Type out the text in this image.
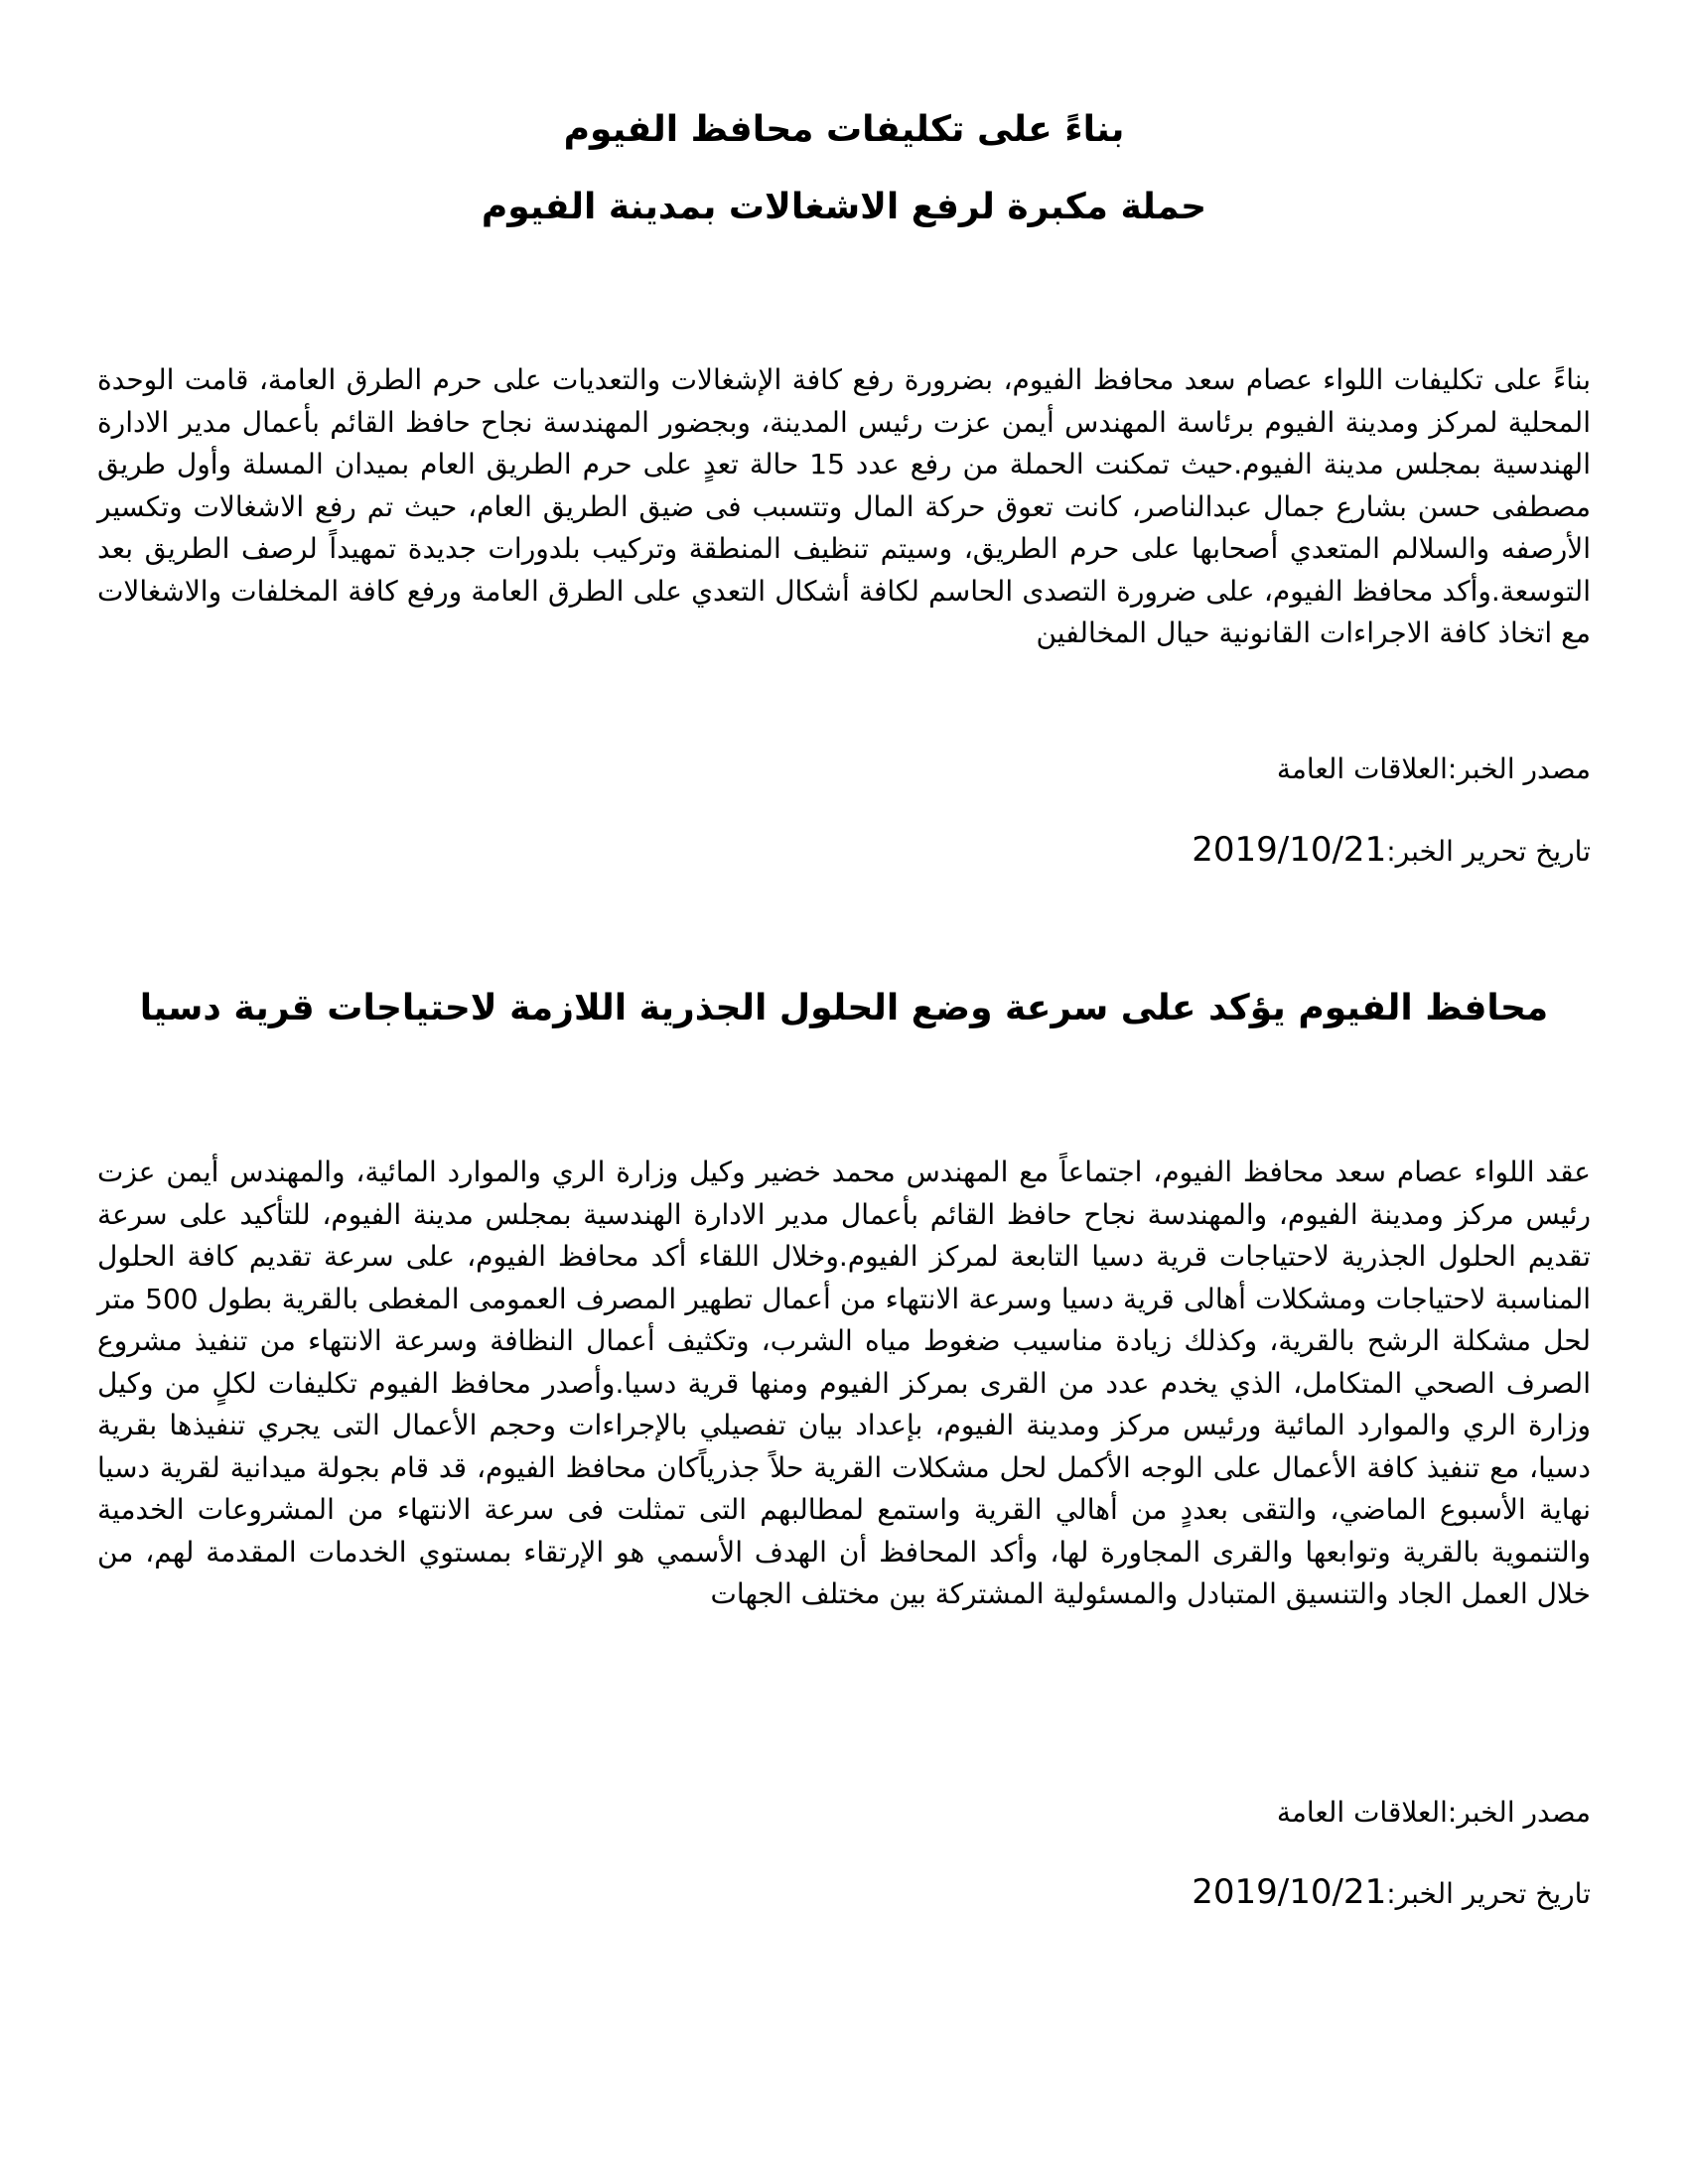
بناءً على تكليفات محافظ الفيوم
حملة مكبرة لرفع الاشغالات بمدينة الفيوم

بناءً على تكليفات اللواء عصام سعد محافظ الفيوم، بضرورة رفع كافة الإشغالات والتعديات على حرم الطرق العامة، قامت الوحدة المحلية لمركز ومدينة الفيوم برئاسة المهندس أيمن عزت رئيس المدينة، وبجضور المهندسة نجاح حافظ القائم بأعمال مدير الادارة الهندسية بمجلس مدينة الفيوم.حيث تمكنت الحملة من رفع عدد 15 حالة تعدٍ على حرم الطريق العام بميدان المسلة وأول طريق مصطفى حسن بشارع جمال عبدالناصر، كانت تعوق حركة المال وتتسبب فى ضيق الطريق العام، حيث تم رفع الاشغالات وتكسير الأرصفه والسلالم المتعدي أصحابها على حرم الطريق، وسيتم تنظيف المنطقة وتركيب بلدورات جديدة تمهيداً لرصف الطريق بعد التوسعة.وأكد محافظ الفيوم، على ضرورة التصدى الحاسم لكافة أشكال التعدي على الطرق العامة ورفع كافة المخلفات والاشغالات مع اتخاذ كافة الاجراءات القانونية حيال المخالفين

مصدر الخبر:العلاقات العامة

تاريخ تحرير الخبر:2019/10/21

محافظ الفيوم يؤكد على سرعة وضع الحلول الجذرية اللازمة لاحتياجات قرية دسيا

عقد اللواء عصام سعد محافظ الفيوم، اجتماعاً مع المهندس محمد خضير وكيل وزارة الري والموارد المائية، والمهندس أيمن عزت رئيس مركز ومدينة الفيوم، والمهندسة نجاح حافظ القائم بأعمال مدير الادارة الهندسية بمجلس مدينة الفيوم، للتأكيد على سرعة تقديم الحلول الجذرية لاحتياجات قرية دسيا التابعة لمركز الفيوم.وخلال اللقاء أكد محافظ الفيوم، على سرعة تقديم كافة الحلول المناسبة لاحتياجات ومشكلات أهالى قرية دسيا وسرعة الانتهاء من أعمال تطهير المصرف العمومى المغطى بالقرية بطول 500 متر لحل مشكلة الرشح بالقرية، وكذلك زيادة مناسيب ضغوط مياه الشرب، وتكثيف أعمال النظافة وسرعة الانتهاء من تنفيذ مشروع الصرف الصحي المتكامل، الذي يخدم عدد من القرى بمركز الفيوم ومنها قرية دسيا.وأصدر محافظ الفيوم تكليفات لكلٍ من وكيل وزارة الري والموارد المائية ورئيس مركز ومدينة الفيوم، بإعداد بيان تفصيلي بالإجراءات وحجم الأعمال التى يجري تنفيذها بقرية دسيا، مع تنفيذ كافة الأعمال على الوجه الأكمل لحل مشكلات القرية حلاً جذرياًكان محافظ الفيوم، قد قام بجولة ميدانية لقرية دسيا نهاية الأسبوع الماضي، والتقى بعددٍ من أهالي القرية واستمع لمطالبهم التى تمثلت فى سرعة الانتهاء من المشروعات الخدمية والتنموية بالقرية وتوابعها والقرى المجاورة لها، وأكد المحافظ أن الهدف الأسمي هو الإرتقاء بمستوي الخدمات المقدمة لهم، من خلال العمل الجاد والتنسيق المتبادل والمسئولية المشتركة بين مختلف الجهات

مصدر الخبر:العلاقات العامة

تاريخ تحرير الخبر:2019/10/21
